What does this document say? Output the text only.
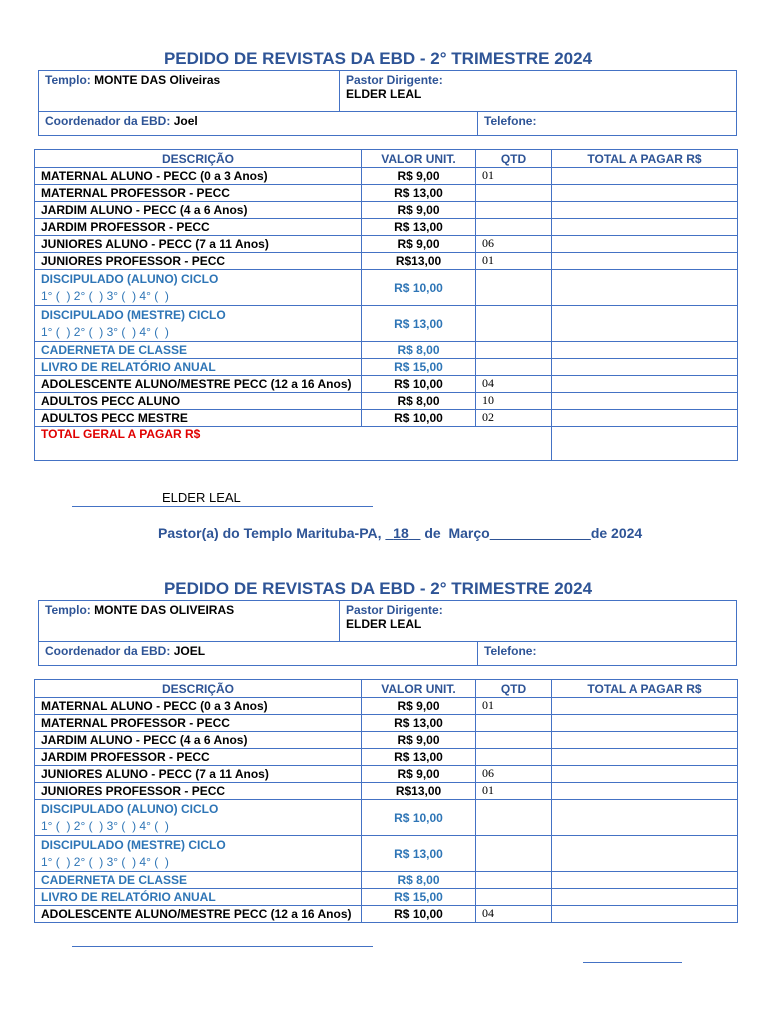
PEDIDO DE REVISTAS DA EBD - 2° TRIMESTRE 2024
Templo: MONTE DAS Oliveiras	Pastor Dirigente:
ELDER LEAL
Coordenador da EBD: Joel	Telefone:
DESCRIÇÃO	VALOR UNIT.	QTD	TOTAL A PAGAR R$
MATERNAL ALUNO - PECC (0 a 3 Anos)	R$ 9,00	01	
MATERNAL PROFESSOR - PECC	R$ 13,00		
JARDIM ALUNO - PECC (4 a 6 Anos)	R$ 9,00		
JARDIM PROFESSOR - PECC	R$ 13,00		
JUNIORES ALUNO - PECC (7 a 11 Anos)	R$ 9,00	06	
JUNIORES PROFESSOR - PECC	R$13,00	01	

DISCIPULADO (ALUNO) CICLO
1° (  ) 2° (  ) 3° (  ) 4° (  )	R$ 10,00		

DISCIPULADO (MESTRE) CICLO
1° (  ) 2° (  ) 3° (  ) 4° (  )	R$ 13,00		
CADERNETA DE CLASSE	R$ 8,00		
LIVRO DE RELATÓRIO ANUAL	R$ 15,00		
ADOLESCENTE ALUNO/MESTRE PECC (12 a 16 Anos)	R$ 10,00	04	
ADULTOS PECC ALUNO	R$ 8,00	10	
ADULTOS PECC MESTRE	R$ 10,00	02	
TOTAL GERAL A PAGAR R$			
ELDER LEAL
Pastor(a) do Templo Marituba-PA, 18 de Março	de 2024
PEDIDO DE REVISTAS DA EBD - 2° TRIMESTRE 2024
Templo: MONTE DAS OLIVEIRAS	Pastor Dirigente:
ELDER LEAL
Coordenador da EBD: JOEL	Telefone:
DESCRIÇÃO	VALOR UNIT.	QTD	TOTAL A PAGAR R$
MATERNAL ALUNO - PECC (0 a 3 Anos)	R$ 9,00	01	
MATERNAL PROFESSOR - PECC	R$ 13,00		
JARDIM ALUNO - PECC (4 a 6 Anos)	R$ 9,00		
JARDIM PROFESSOR - PECC	R$ 13,00		
JUNIORES ALUNO - PECC (7 a 11 Anos)	R$ 9,00	06	
JUNIORES PROFESSOR - PECC	R$13,00	01	

DISCIPULADO (ALUNO) CICLO
1° (  ) 2° (  ) 3° (  ) 4° (  )	R$ 10,00		

DISCIPULADO (MESTRE) CICLO
1° (  ) 2° (  ) 3° (  ) 4° (  )	R$ 13,00		
CADERNETA DE CLASSE	R$ 8,00		
LIVRO DE RELATÓRIO ANUAL	R$ 15,00		
ADOLESCENTE ALUNO/MESTRE PECC (12 a 16 Anos)	R$ 10,00	04	
